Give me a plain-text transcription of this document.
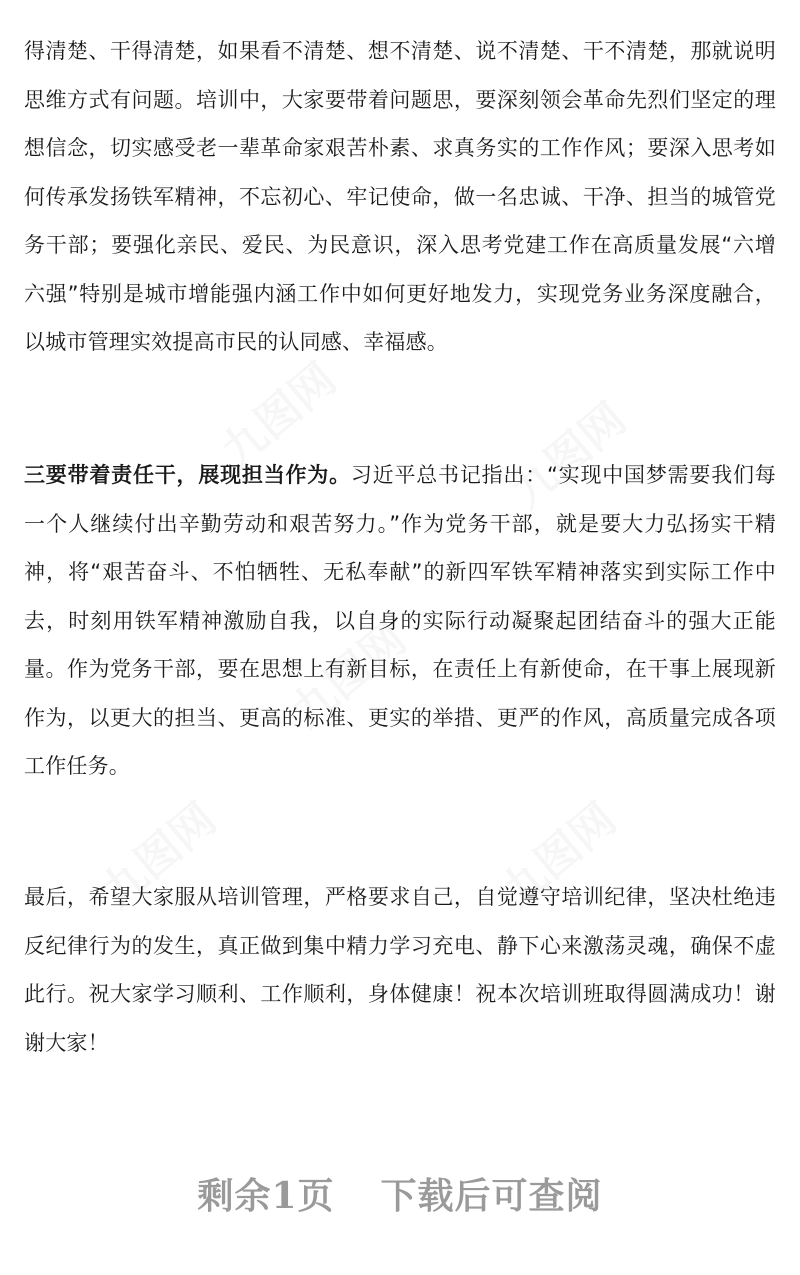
得清楚、干得清楚，如果看不清楚、想不清楚、说不清楚、干不清楚，那就说明思维方式有问题。培训中，大家要带着问题思，要深刻领会革命先烈们坚定的理想信念，切实感受老一辈革命家艰苦朴素、求真务实的工作作风；要深入思考如何传承发扬铁军精神，不忘初心、牢记使命，做一名忠诚、干净、担当的城管党务干部；要强化亲民、爱民、为民意识，深入思考党建工作在高质量发展“六增六强”特别是城市增能强内涵工作中如何更好地发力，实现党务业务深度融合，以城市管理实效提高市民的认同感、幸福感。

三要带着责任干，展现担当作为。习近平总书记指出：“实现中国梦需要我们每一个人继续付出辛勤劳动和艰苦努力。”作为党务干部，就是要大力弘扬实干精神，将“艰苦奋斗、不怕牺牲、无私奉献”的新四军铁军精神落实到实际工作中去，时刻用铁军精神激励自我，以自身的实际行动凝聚起团结奋斗的强大正能量。作为党务干部，要在思想上有新目标，在责任上有新使命，在干事上展现新作为，以更大的担当、更高的标准、更实的举措、更严的作风，高质量完成各项工作任务。

最后，希望大家服从培训管理，严格要求自己，自觉遵守培训纪律，坚决杜绝违反纪律行为的发生，真正做到集中精力学习充电、静下心来激荡灵魂，确保不虚此行。祝大家学习顺利、工作顺利，身体健康！祝本次培训班取得圆满成功！谢谢大家！

剩余1页 下载后可查阅
